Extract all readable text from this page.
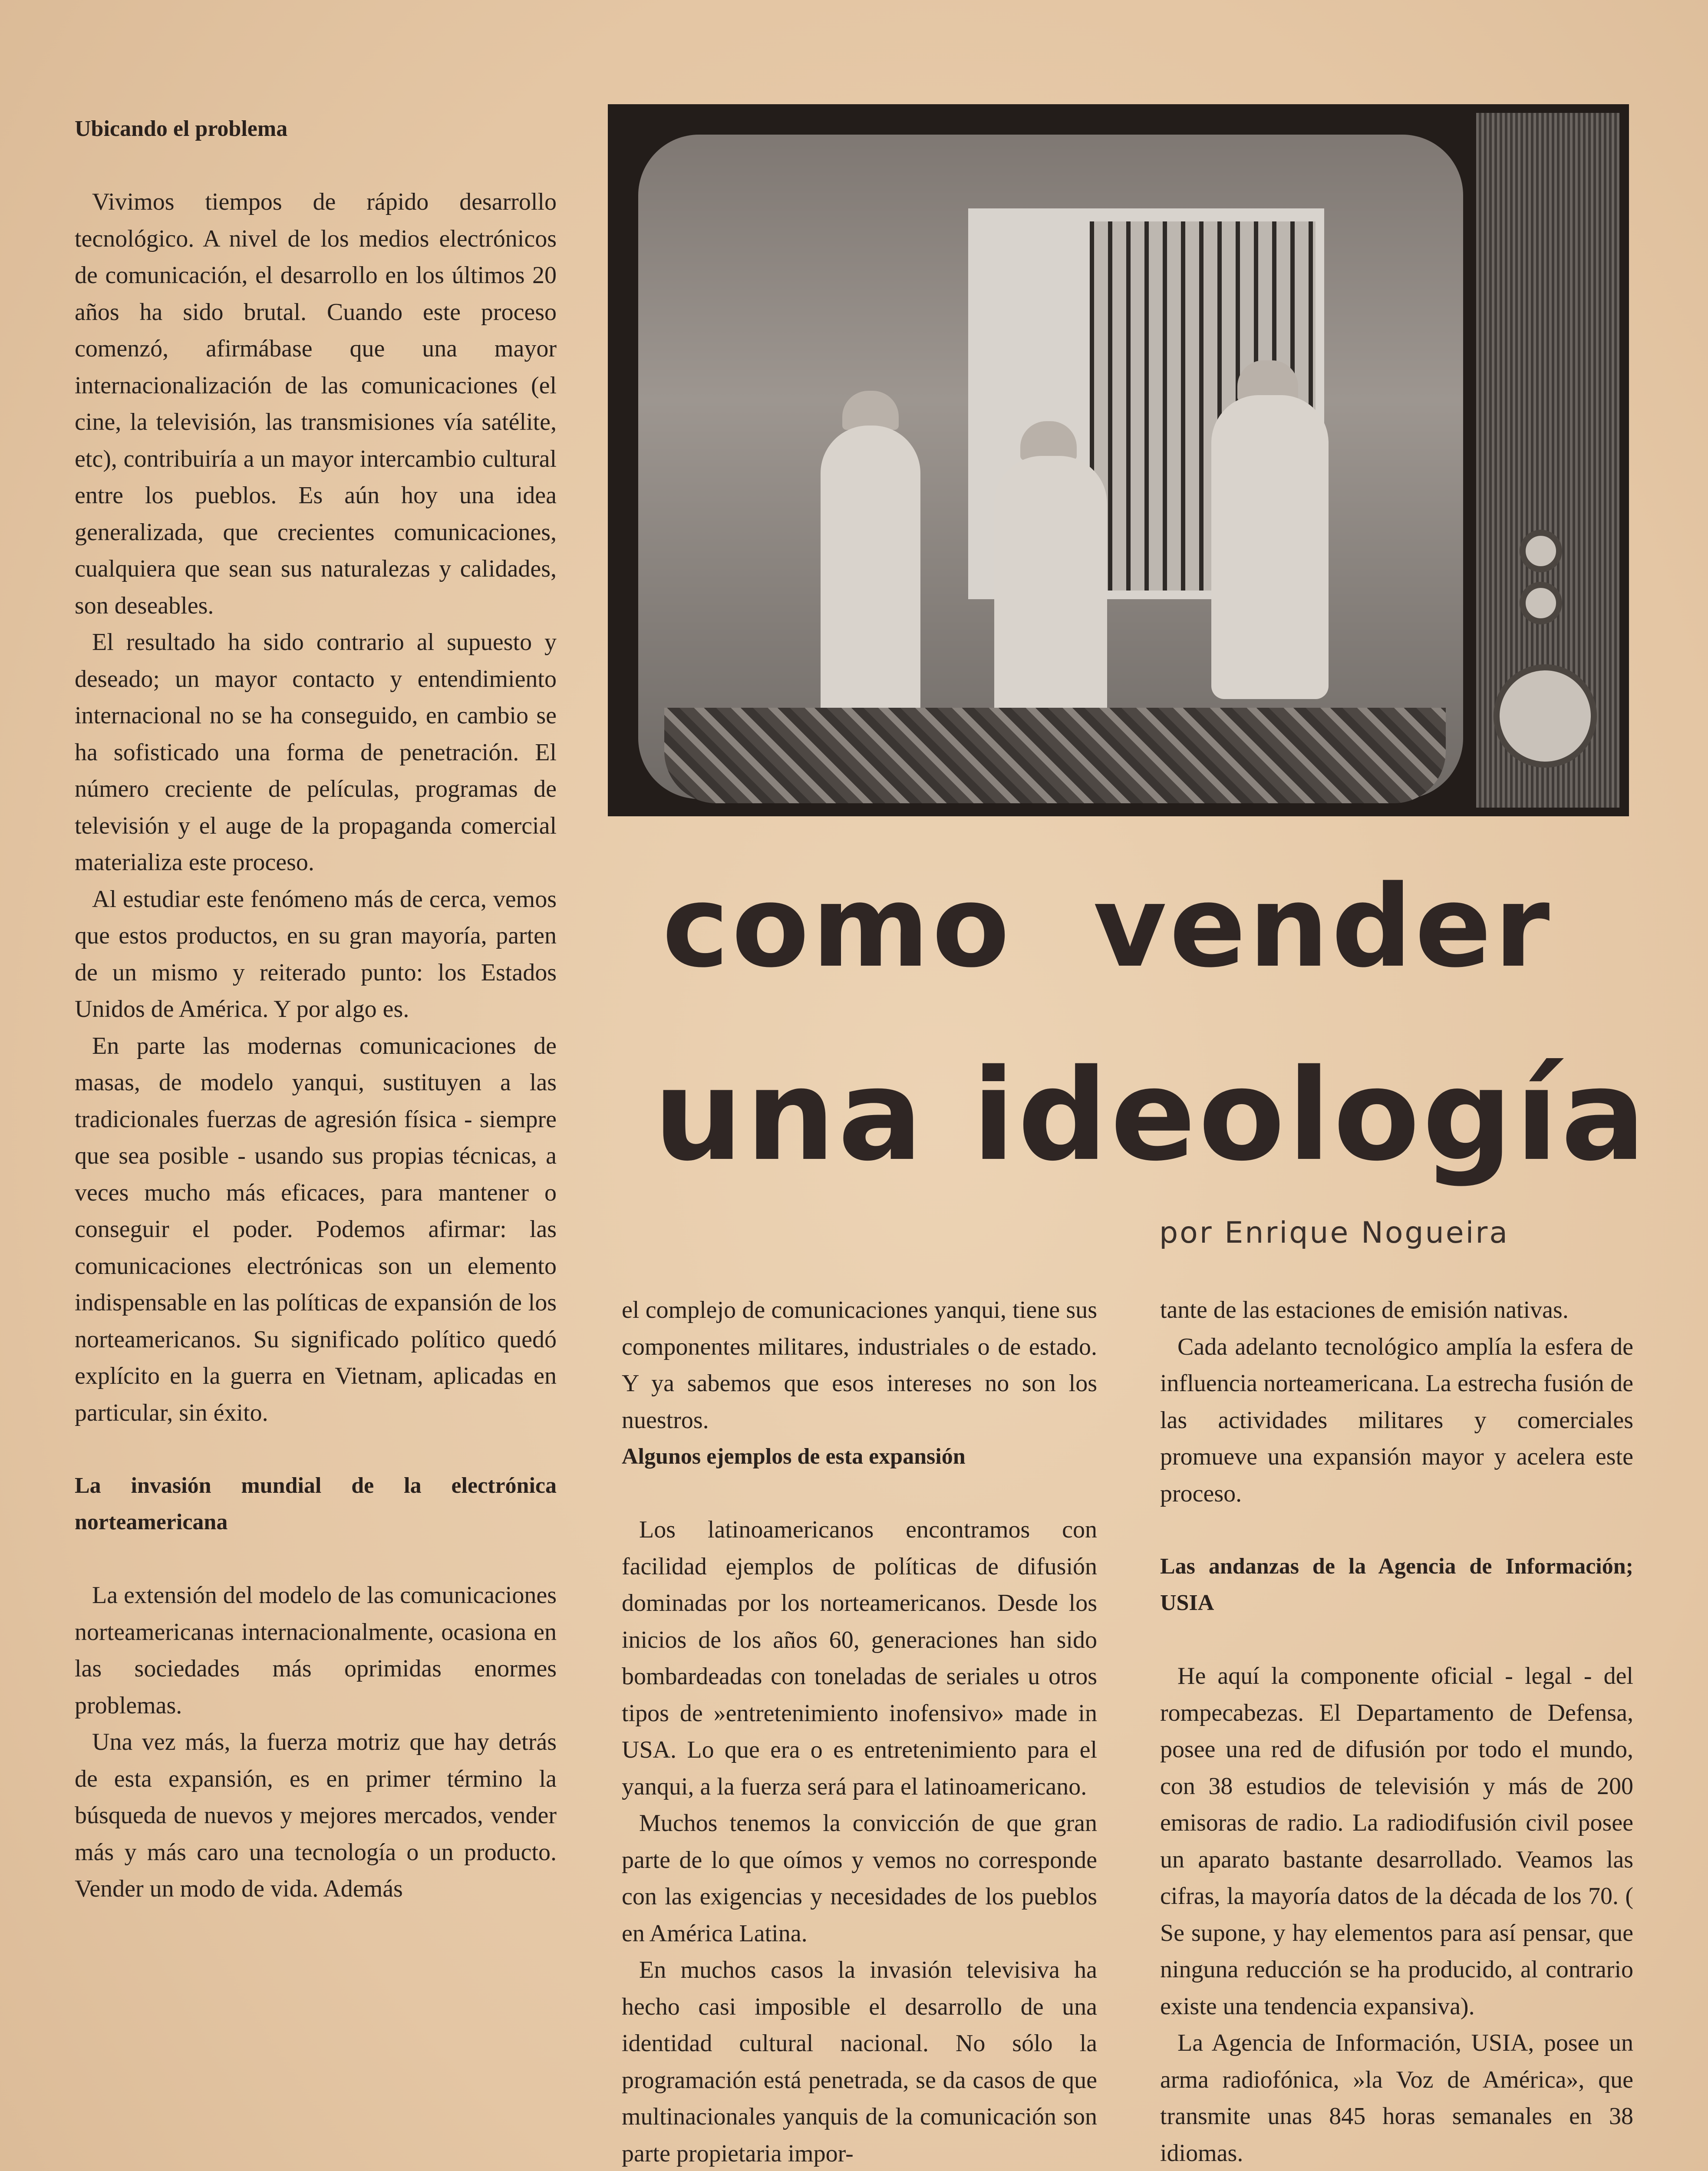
Ubicando el problema

Vivimos tiempos de rápido desarrollo tecnológico. A nivel de los medios electrónicos de comunicación, el desarrollo en los últimos 20 años ha sido brutal. Cuando este proceso comenzó, afirmábase que una mayor internacionalización de las comunicaciones (el cine, la televisión, las transmisiones vía satélite, etc), contribuiría a un mayor intercambio cultural entre los pueblos. Es aún hoy una idea generalizada, que crecientes comunicaciones, cualquiera que sean sus naturalezas y calidades, son deseables.

El resultado ha sido contrario al supuesto y deseado; un mayor contacto y entendimiento internacional no se ha conseguido, en cambio se ha sofisticado una forma de penetración. El número creciente de películas, programas de televisión y el auge de la propaganda comercial materializa este proceso.

Al estudiar este fenómeno más de cerca, vemos que estos productos, en su gran mayoría, parten de un mismo y reiterado punto: los Estados Unidos de América. Y por algo es.

En parte las modernas comunicaciones de masas, de modelo yanqui, sustituyen a las tradicionales fuerzas de agresión física - siempre que sea posible - usando sus propias técnicas, a veces mucho más eficaces, para mantener o conseguir el poder. Podemos afirmar: las comunicaciones electrónicas son un elemento indispensable en las políticas de expansión de los norteamericanos. Su significado político quedó explícito en la guerra en Vietnam, aplicadas en particular, sin éxito.

La invasión mundial de la electrónica norteamericana

La extensión del modelo de las comunicaciones norteamericanas internacionalmente, ocasiona en las sociedades más oprimidas enormes problemas.

Una vez más, la fuerza motriz que hay detrás de esta expansión, es en primer término la búsqueda de nuevos y mejores mercados, vender más y más caro una tecnología o un producto. Vender un modo de vida. Además

como vender
una ideología
por Enrique Nogueira

el complejo de comunicaciones yanqui, tiene sus componentes militares, industriales o de estado. Y ya sabemos que esos intereses no son los nuestros.

Algunos ejemplos de esta expansión

Los latinoamericanos encontramos con facilidad ejemplos de políticas de difusión dominadas por los norteamericanos. Desde los inicios de los años 60, generaciones han sido bombardeadas con toneladas de seriales u otros tipos de »entretenimiento inofensivo» made in USA. Lo que era o es entretenimiento para el yanqui, a la fuerza será para el latinoamericano.

Muchos tenemos la convicción de que gran parte de lo que oímos y vemos no corresponde con las exigencias y necesidades de los pueblos en América Latina.

En muchos casos la invasión televisiva ha hecho casi imposible el desarrollo de una identidad cultural nacional. No sólo la programación está penetrada, se da casos de que multinacionales yanquis de la comunicación son parte propietaria impor-

tante de las estaciones de emisión nativas.

Cada adelanto tecnológico amplía la esfera de influencia norteamericana. La estrecha fusión de las actividades militares y comerciales promueve una expansión mayor y acelera este proceso.

Las andanzas de la Agencia de Información; USIA

He aquí la componente oficial - legal - del rompecabezas. El Departamento de Defensa, posee una red de difusión por todo el mundo, con 38 estudios de televisión y más de 200 emisoras de radio. La radiodifusión civil posee un aparato bastante desarrollado. Veamos las cifras, la mayoría datos de la década de los 70. ( Se supone, y hay elementos para así pensar, que ninguna reducción se ha producido, al contrario existe una tendencia expansiva).

La Agencia de Información, USIA, posee un arma radiofónica, »la Voz de América», que transmite unas 845 horas semanales en 38 idiomas.
